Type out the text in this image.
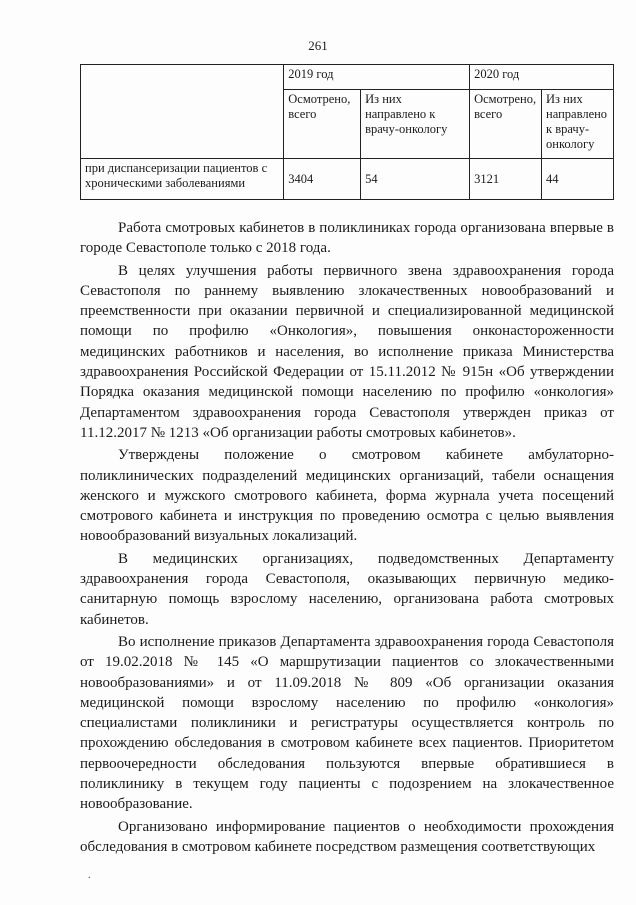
261
	2019 год		2020 год	
	Осмотрено, всего	Из них направлено к врачу-онкологу	Осмотрено, всего	Из них направлено к врачу-онкологу
при диспансеризации пациентов с хроническими заболеваниями	3404	54	3121	44

Работа смотровых кабинетов в поликлиниках города организована впервые в городе Севастополе только с 2018 года.

В целях улучшения работы первичного звена здравоохранения города Севастополя по раннему выявлению злокачественных новообразований и преемственности при оказании первичной и специализированной медицинской помощи по профилю «Онкология», повышения онконастороженности медицинских работников и населения, во исполнение приказа Министерства здравоохранения Российской Федерации от 15.11.2012 № 915н «Об утверждении Порядка оказания медицинской помощи населению по профилю «онкология» Департаментом здравоохранения города Севастополя утвержден приказ от 11.12.2017 № 1213 «Об организации работы смотровых кабинетов».

Утверждены положение о смотровом кабинете амбулаторно-поликлинических подразделений медицинских организаций, табели оснащения женского и мужского смотрового кабинета, форма журнала учета посещений смотрового кабинета и инструкция по проведению осмотра с целью выявления новообразований визуальных локализаций.

В медицинских организациях, подведомственных Департаменту здравоохранения города Севастополя, оказывающих первичную медико-санитарную помощь взрослому населению, организована работа смотровых кабинетов.

Во исполнение приказов Департамента здравоохранения города Севастополя от 19.02.2018 № 145 «О маршрутизации пациентов со злокачественными новообразованиями» и от 11.09.2018 № 809 «Об организации оказания медицинской помощи взрослому населению по профилю «онкология» специалистами поликлиники и регистратуры осуществляется контроль по прохождению обследования в смотровом кабинете всех пациентов. Приоритетом первоочередности обследования пользуются впервые обратившиеся в поликлинику в текущем году пациенты с подозрением на злокачественное новообразование.

Организовано информирование пациентов о необходимости прохождения обследования в смотровом кабинете посредством размещения соответствующих

.
